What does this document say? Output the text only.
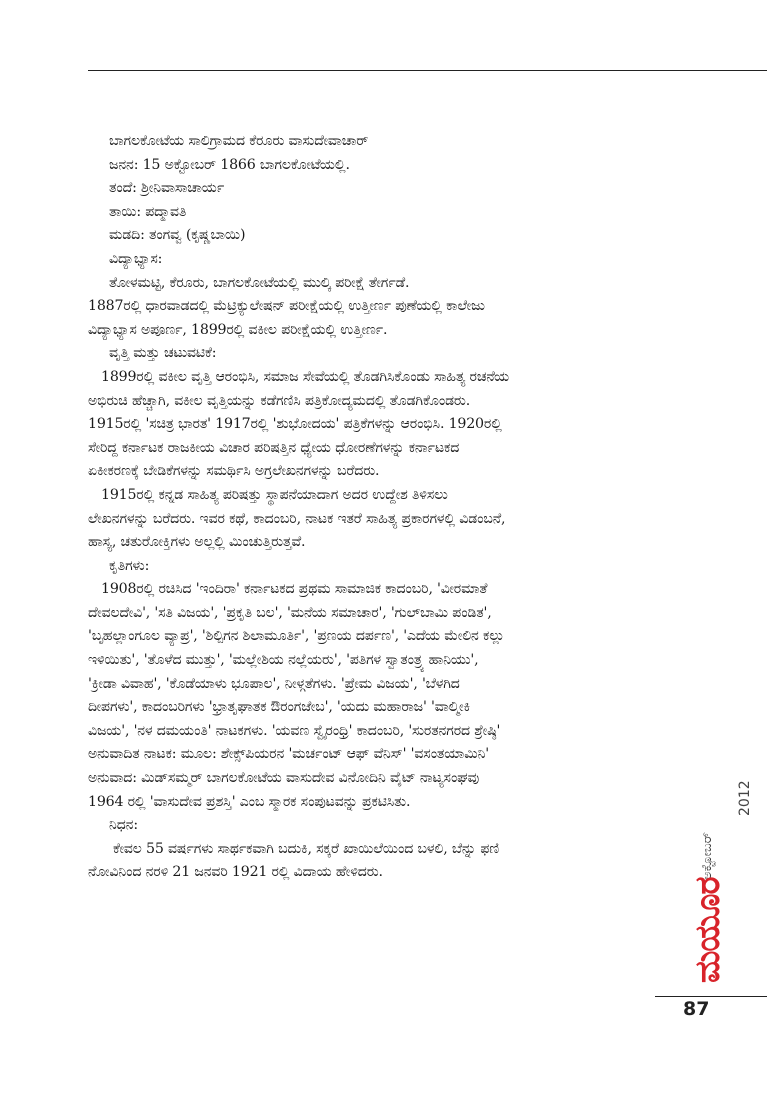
ಬಾಗಲಕೋಟೆಯ ಸಾಲಿಗ್ರಾಮದ ಕೆರೂರು ವಾಸುದೇವಾಚಾರ್
ಜನನ: 15 ಅಕ್ಟೋಬರ್ 1866 ಬಾಗಲಕೋಟೆಯಲ್ಲಿ.
ತಂದೆ: ಶ್ರೀನಿವಾಸಾಚಾರ್ಯ
ತಾಯಿ: ಪದ್ಮಾವತಿ
ಮಡದಿ: ತಂಗವ್ವ (ಕೃಷ್ಣಬಾಯಿ)
ವಿದ್ಯಾಭ್ಯಾಸ:
ತೋಳಮಟ್ಟಿ, ಕೆರೂರು, ಬಾಗಲಕೋಟೆಯಲ್ಲಿ ಮುಲ್ಕಿ ಪರೀಕ್ಷೆ ತೇರ್ಗಡೆ.
1887ರಲ್ಲಿ ಧಾರವಾಡದಲ್ಲಿ ಮೆಟ್ರಿಕ್ಯುಲೇಷನ್ ಪರೀಕ್ಷೆಯಲ್ಲಿ ಉತ್ತೀರ್ಣ ಪುಣೆಯಲ್ಲಿ ಕಾಲೇಜು
ವಿದ್ಯಾಭ್ಯಾಸ ಅಪೂರ್ಣ, 1899ರಲ್ಲಿ ವಕೀಲ ಪರೀಕ್ಷೆಯಲ್ಲಿ ಉತ್ತೀರ್ಣ.
ವೃತ್ತಿ ಮತ್ತು ಚಟುವಟಿಕೆ:
1899ರಲ್ಲಿ ವಕೀಲ ವೃತ್ತಿ ಆರಂಭಿಸಿ, ಸಮಾಜ ಸೇವೆಯಲ್ಲಿ ತೊಡಗಿಸಿಕೊಂಡು ಸಾಹಿತ್ಯ ರಚನೆಯ
ಅಭಿರುಚಿ ಹೆಚ್ಚಾಗಿ, ವಕೀಲ ವೃತ್ತಿಯನ್ನು ಕಡೆಗಣಿಸಿ ಪತ್ರಿಕೋದ್ಯಮದಲ್ಲಿ ತೊಡಗಿಕೊಂಡರು.
1915ರಲ್ಲಿ 'ಸಚಿತ್ರ ಭಾರತ' 1917ರಲ್ಲಿ 'ಶುಭೋದಯ' ಪತ್ರಿಕೆಗಳನ್ನು ಆರಂಭಿಸಿ. 1920ರಲ್ಲಿ
ಸೇರಿದ್ದ ಕರ್ನಾಟಕ ರಾಜಕೀಯ ವಿಚಾರ ಪರಿಷತ್ತಿನ ಧ್ಯೇಯ ಧೋರಣೆಗಳನ್ನು ಕರ್ನಾಟಕದ
ಏಕೀಕರಣಕ್ಕೆ ಬೇಡಿಕೆಗಳನ್ನು ಸಮರ್ಥಿಸಿ ಅಗ್ರಲೇಖನಗಳನ್ನು ಬರೆದರು.
1915ರಲ್ಲಿ ಕನ್ನಡ ಸಾಹಿತ್ಯ ಪರಿಷತ್ತು ಸ್ಥಾಪನೆಯಾದಾಗ ಅದರ ಉದ್ದೇಶ ತಿಳಿಸಲು
ಲೇಖನಗಳನ್ನು ಬರೆದರು. ಇವರ ಕಥೆ, ಕಾದಂಬರಿ, ನಾಟಕ ಇತರೆ ಸಾಹಿತ್ಯ ಪ್ರಕಾರಗಳಲ್ಲಿ ವಿಡಂಬನೆ,
ಹಾಸ್ಯ, ಚತುರೋಕ್ತಿಗಳು ಅಲ್ಲಲ್ಲಿ ಮಿಂಚುತ್ತಿರುತ್ತವೆ.
ಕೃತಿಗಳು:
1908ರಲ್ಲಿ ರಚಿಸಿದ 'ಇಂದಿರಾ' ಕರ್ನಾಟಕದ ಪ್ರಥಮ ಸಾಮಾಜಿಕ ಕಾದಂಬರಿ, 'ವೀರಮಾತೆ
ದೇವಲದೇವಿ', 'ಸತಿ ವಿಜಯ', 'ಪ್ರಕೃತಿ ಬಲ', 'ಮನೆಯ ಸಮಾಚಾರ', 'ಗುಲ್‌ಬಾಮಿ ಪಂಡಿತ',
'ಬೃಹಲ್ಲಾಂಗೂಲ ವ್ಯಾಪ್ರ', 'ಶಿಲ್ಪಿಗನ ಶಿಲಾಮೂರ್ತಿ', 'ಪ್ರಣಯ ದರ್ಪಣ', 'ಎದೆಯ ಮೇಲಿನ ಕಲ್ಲು
ಇಳಿಯಿತು', 'ತೊಳೆದ ಮುತ್ತು', 'ಮಲ್ಲೇಶಿಯ ನಲ್ಲೆಯರು', 'ಪತಿಗಳ ಸ್ವಾತಂತ್ರ್ಯ ಹಾನಿಯು',
'ಕ್ರೀಡಾ ವಿವಾಹ', 'ಕೊಡೆಯಾಳು ಭೂಪಾಲ', ನೀಳ್ಗತೆಗಳು. 'ಪ್ರೇಮ ವಿಜಯ', 'ಬೆಳಗಿದ
ದೀಪಗಳು', ಕಾದಂಬರಿಗಳು 'ಭ್ರಾತೃಘಾತಕ ಔರಂಗಜೇಬ', 'ಯದು ಮಹಾರಾಜ' 'ವಾಲ್ಮೀಕಿ
ವಿಜಯ', 'ನಳ ದಮಯಂತಿ' ನಾಟಕಗಳು. 'ಯವಣ ಸ್ವೈರಂಧ್ರಿ' ಕಾದಂಬರಿ, 'ಸುರತನಗರದ ಶ್ರೇಷ್ಠಿ'
ಅನುವಾದಿತ ನಾಟಕ: ಮೂಲ: ಶೇಕ್ಸ್‌ಪಿಯರನ 'ಮರ್ಚಂಟ್ ಆಫ್ ವೆನಿಸ್' 'ವಸಂತಯಾಮಿನಿ'
ಅನುವಾದ: ಮಿಡ್‌ಸಮ್ಮರ್ ಬಾಗಲಕೋಟೆಯ ವಾಸುದೇವ ವಿನೋದಿನಿ ವೈಟ್ ನಾಟ್ಯಸಂಘವು
1964 ರಲ್ಲಿ 'ವಾಸುದೇವ ಪ್ರಶಸ್ತಿ' ಎಂಬ ಸ್ಮಾರಕ ಸಂಪುಟವನ್ನು ಪ್ರಕಟಿಸಿತು.
ನಿಧನ:
ಕೇವಲ 55 ವರ್ಷಗಳು ಸಾರ್ಥಕವಾಗಿ ಬದುಕಿ, ಸಕ್ಕರೆ ಖಾಯಿಲೆಯಿಂದ ಬಳಲಿ, ಬೆನ್ನು ಫಣಿ
ನೋವಿನಿಂದ ನರಳಿ 21 ಜನವರಿ 1921 ರಲ್ಲಿ ವಿದಾಯ ಹೇಳಿದರು.	ಅಕ್ಟೋಬರ್
2012
ಮಯೂರ
87
